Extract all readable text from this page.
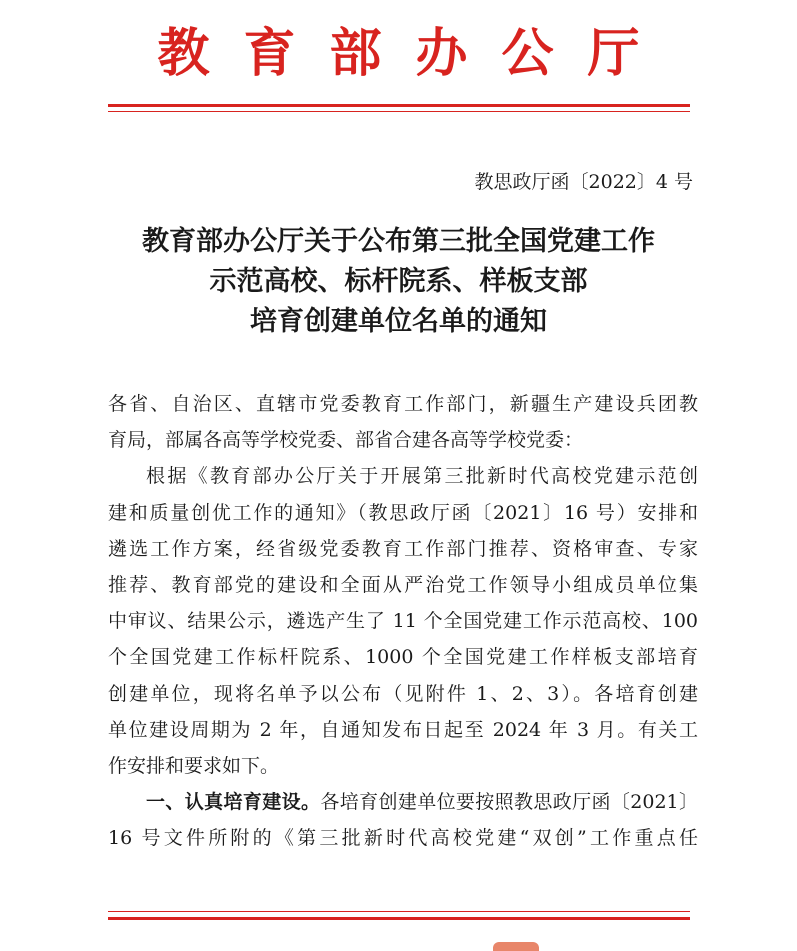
教育部办公厅
教思政厅函〔2022〕4 号
教育部办公厅关于公布第三批全国党建工作
示范高校、标杆院系、样板支部
培育创建单位名单的通知

各省、自治区、直辖市党委教育工作部门，新疆生产建设兵团教

育局，部属各高等学校党委、部省合建各高等学校党委：

根据《教育部办公厅关于开展第三批新时代高校党建示范创

建和质量创优工作的通知》（教思政厅函〔2021〕16 号）安排和

遴选工作方案，经省级党委教育工作部门推荐、资格审查、专家

推荐、教育部党的建设和全面从严治党工作领导小组成员单位集

中审议、结果公示，遴选产生了 11 个全国党建工作示范高校、100

个全国党建工作标杆院系、1000 个全国党建工作样板支部培育

创建单位，现将名单予以公布（见附件 1、2、3）。各培育创建

单位建设周期为 2 年，自通知发布日起至 2024 年 3 月。有关工

作安排和要求如下。

一、认真培育建设。各培育创建单位要按照教思政厅函〔2021〕

16 号文件所附的《第三批新时代高校党建“双创”工作重点任
